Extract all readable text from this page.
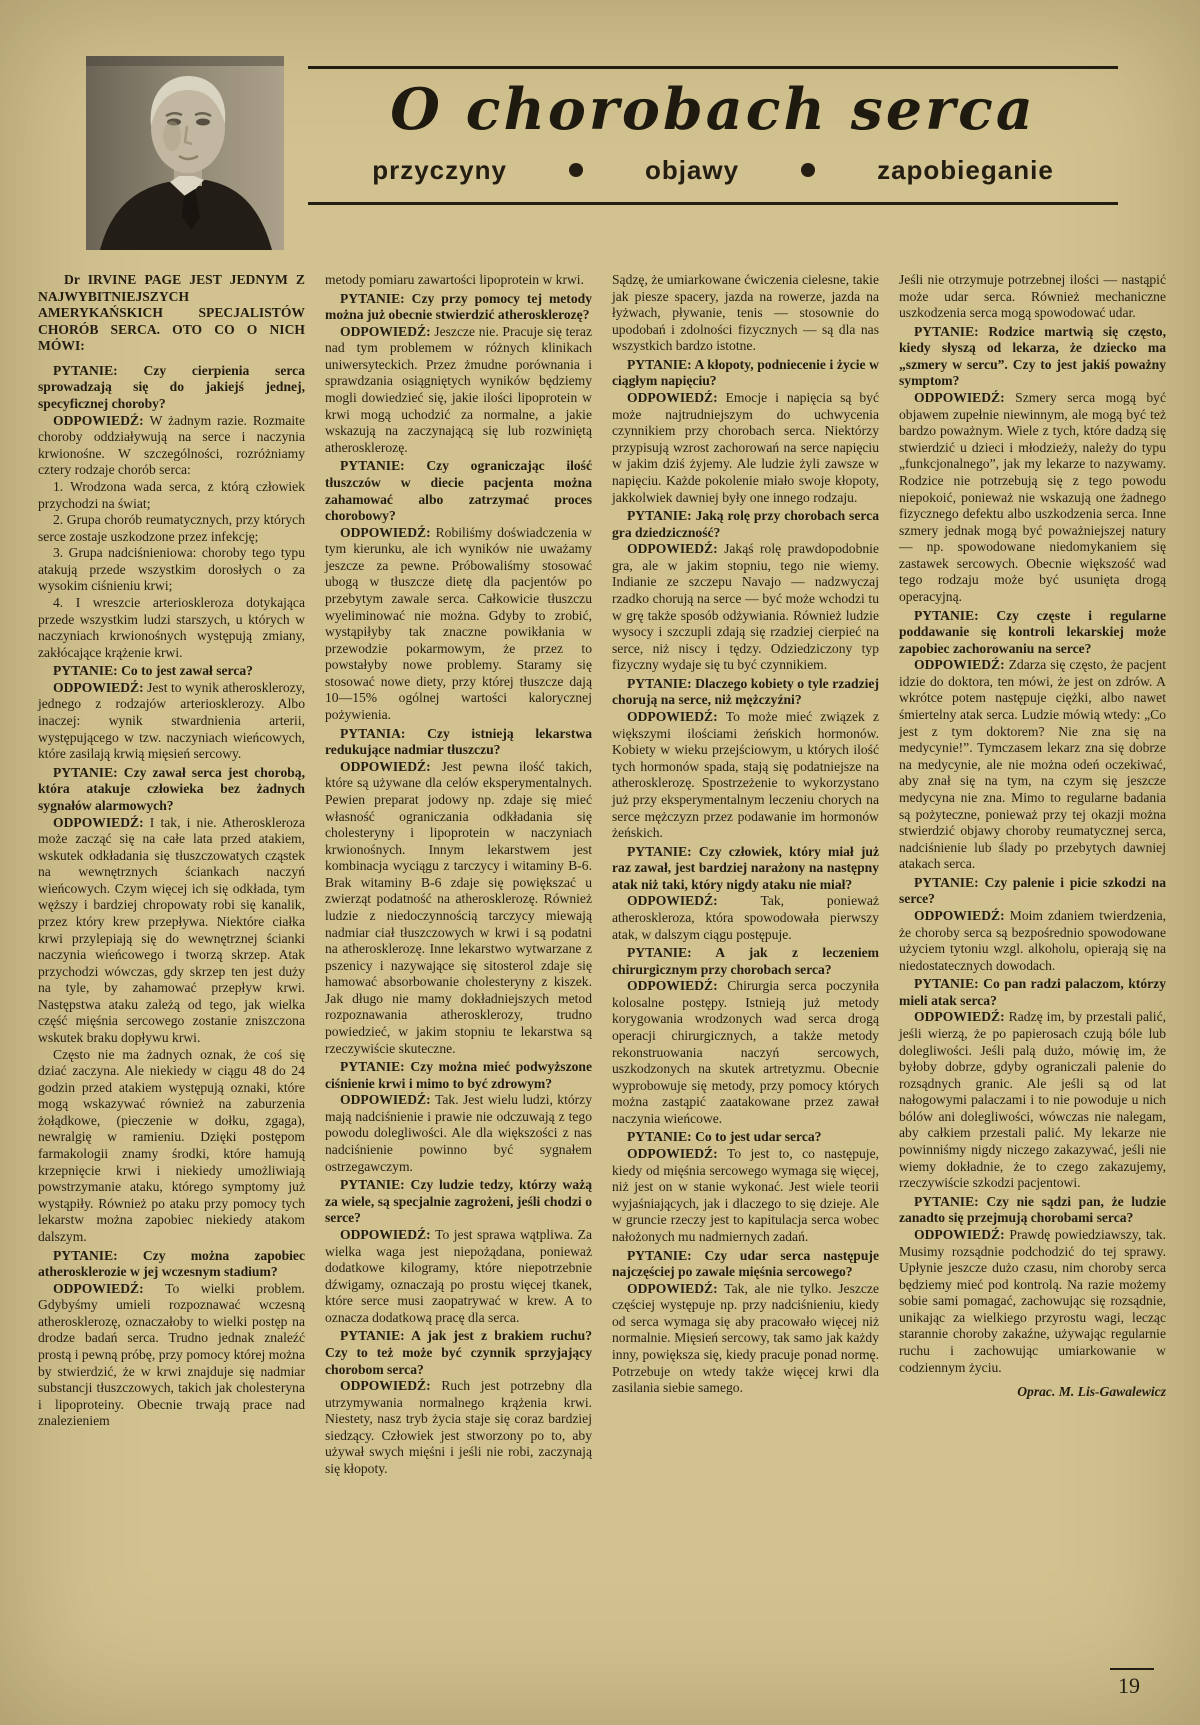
O chorobach serca
przyczyny	objawy	zapobieganie

Dr IRVINE PAGE JEST JEDNYM Z NAJWYBITNIEJSZYCH AMERYKAŃSKICH SPECJALISTÓW CHORÓB SERCA. OTO CO O NICH MÓWI:

PYTANIE: Czy cierpienia serca sprowadzają się do jakiejś jednej, specyficznej choroby?

ODPOWIEDŹ: W żadnym razie. Rozmaite choroby oddziaływują na serce i naczynia krwionośne. W szczególności, rozróżniamy cztery rodzaje chorób serca:

1. Wrodzona wada serca, z którą człowiek przychodzi na świat;

2. Grupa chorób reumatycznych, przy których serce zostaje uszkodzone przez infekcję;

3. Grupa nadciśnieniowa: choroby tego typu atakują przede wszystkim dorosłych o za wysokim ciśnieniu krwi;

4. I wreszcie arterioskleroza dotykająca przede wszystkim ludzi starszych, u których w naczyniach krwionośnych występują zmiany, zakłócające krążenie krwi.

PYTANIE: Co to jest zawał serca?

ODPOWIEDŹ: Jest to wynik atherosklerozy, jednego z rodzajów arteriosklerozy. Albo inaczej: wynik stwardnienia arterii, występującego w tzw. naczyniach wieńcowych, które zasilają krwią mięsień sercowy.

PYTANIE: Czy zawał serca jest chorobą, która atakuje człowieka bez żadnych sygnałów alarmowych?

ODPOWIEDŹ: I tak, i nie. Atheroskleroza może zacząć się na całe lata przed atakiem, wskutek odkładania się tłuszczowatych cząstek na wewnętrznych ściankach naczyń wieńcowych. Czym więcej ich się odkłada, tym węższy i bardziej chropowaty robi się kanalik, przez który krew przepływa. Niektóre ciałka krwi przylepiają się do wewnętrznej ścianki naczynia wieńcowego i tworzą skrzep. Atak przychodzi wówczas, gdy skrzep ten jest duży na tyle, by zahamować przepływ krwi. Następstwa ataku zależą od tego, jak wielka część mięśnia sercowego zostanie zniszczona wskutek braku dopływu krwi.

Często nie ma żadnych oznak, że coś się dziać zaczyna. Ale niekiedy w ciągu 48 do 24 godzin przed atakiem występują oznaki, które mogą wskazywać również na zaburzenia żołądkowe, (pieczenie w dołku, zgaga), newralgię w ramieniu. Dzięki postępom farmakologii znamy środki, które hamują krzepnięcie krwi i niekiedy umożliwiają powstrzymanie ataku, którego symptomy już wystąpiły. Również po ataku przy pomocy tych lekarstw można zapobiec niekiedy atakom dalszym.

PYTANIE: Czy można zapobiec atherosklerozie w jej wczesnym stadium?

ODPOWIEDŹ: To wielki problem. Gdybyśmy umieli rozpoznawać wczesną atherosklerozę, oznaczałoby to wielki postęp na drodze badań serca. Trudno jednak znaleźć prostą i pewną próbę, przy pomocy której można by stwierdzić, że w krwi znajduje się nadmiar substancji tłuszczowych, takich jak cholesteryna i lipoproteiny. Obecnie trwają prace nad znalezieniem

metody pomiaru zawartości lipoprotein w krwi.

PYTANIE: Czy przy pomocy tej metody można już obecnie stwierdzić atherosklerozę?

ODPOWIEDŹ: Jeszcze nie. Pracuje się teraz nad tym problemem w różnych klinikach uniwersyteckich. Przez żmudne porównania i sprawdzania osiągniętych wyników będziemy mogli dowiedzieć się, jakie ilości lipoprotein w krwi mogą uchodzić za normalne, a jakie wskazują na zaczynającą się lub rozwiniętą atherosklerozę.

PYTANIE: Czy ograniczając ilość tłuszczów w diecie pacjenta można zahamować albo zatrzymać proces chorobowy?

ODPOWIEDŹ: Robiliśmy doświadczenia w tym kierunku, ale ich wyników nie uważamy jeszcze za pewne. Próbowaliśmy stosować ubogą w tłuszcze dietę dla pacjentów po przebytym zawale serca. Całkowicie tłuszczu wyeliminować nie można. Gdyby to zrobić, wystąpiłyby tak znaczne powikłania w przewodzie pokarmowym, że przez to powstałyby nowe problemy. Staramy się stosować nowe diety, przy której tłuszcze dają 10—15% ogólnej wartości kalorycznej pożywienia.

PYTANIA: Czy istnieją lekarstwa redukujące nadmiar tłuszczu?

ODPOWIEDŹ: Jest pewna ilość takich, które są używane dla celów eksperymentalnych. Pewien preparat jodowy np. zdaje się mieć własność ograniczania odkładania się cholesteryny i lipoprotein w naczyniach krwionośnych. Innym lekarstwem jest kombinacja wyciągu z tarczycy i witaminy B-6. Brak witaminy B-6 zdaje się powiększać u zwierząt podatność na atherosklerozę. Również ludzie z niedoczynnością tarczycy miewają nadmiar ciał tłuszczowych w krwi i są podatni na atherosklerozę. Inne lekarstwo wytwarzane z pszenicy i nazywające się sitosterol zdaje się hamować absorbowanie cholesteryny z kiszek. Jak długo nie mamy dokładniejszych metod rozpoznawania atherosklerozy, trudno powiedzieć, w jakim stopniu te lekarstwa są rzeczywiście skuteczne.

PYTANIE: Czy można mieć podwyższone ciśnienie krwi i mimo to być zdrowym?

ODPOWIEDŹ: Tak. Jest wielu ludzi, którzy mają nadciśnienie i prawie nie odczuwają z tego powodu dolegliwości. Ale dla większości z nas nadciśnienie powinno być sygnałem ostrzegawczym.

PYTANIE: Czy ludzie tedzy, którzy ważą za wiele, są specjalnie zagrożeni, jeśli chodzi o serce?

ODPOWIEDŹ: To jest sprawa wątpliwa. Za wielka waga jest niepożądana, ponieważ dodatkowe kilogramy, które niepotrzebnie dźwigamy, oznaczają po prostu więcej tkanek, które serce musi zaopatrywać w krew. A to oznacza dodatkową pracę dla serca.

PYTANIE: A jak jest z brakiem ruchu? Czy to też może być czynnik sprzyjający chorobom serca?

ODPOWIEDŹ: Ruch jest potrzebny dla utrzymywania normalnego krążenia krwi. Niestety, nasz tryb życia staje się coraz bardziej siedzący. Człowiek jest stworzony po to, aby używał swych mięśni i jeśli nie robi, zaczynają się kłopoty.

Sądzę, że umiarkowane ćwiczenia cielesne, takie jak piesze spacery, jazda na rowerze, jazda na łyżwach, pływanie, tenis — stosownie do upodobań i zdolności fizycznych — są dla nas wszystkich bardzo istotne.

PYTANIE: A kłopoty, podniecenie i życie w ciągłym napięciu?

ODPOWIEDŹ: Emocje i napięcia są być może najtrudniejszym do uchwycenia czynnikiem przy chorobach serca. Niektórzy przypisują wzrost zachorowań na serce napięciu w jakim dziś żyjemy. Ale ludzie żyli zawsze w napięciu. Każde pokolenie miało swoje kłopoty, jakkolwiek dawniej były one innego rodzaju.

PYTANIE: Jaką rolę przy chorobach serca gra dziedziczność?

ODPOWIEDŹ: Jakąś rolę prawdopodobnie gra, ale w jakim stopniu, tego nie wiemy. Indianie ze szczepu Navajo — nadzwyczaj rzadko chorują na serce — być może wchodzi tu w grę także sposób odżywiania. Również ludzie wysocy i szczupli zdają się rzadziej cierpieć na serce, niż niscy i tędzy. Odziedziczony typ fizyczny wydaje się tu być czynnikiem.

PYTANIE: Dlaczego kobiety o tyle rzadziej chorują na serce, niż mężczyźni?

ODPOWIEDŹ: To może mieć związek z większymi ilościami żeńskich hormonów. Kobiety w wieku przejściowym, u których ilość tych hormonów spada, stają się podatniejsze na atherosklerozę. Spostrzeżenie to wykorzystano już przy eksperymentalnym leczeniu chorych na serce mężczyzn przez podawanie im hormonów żeńskich.

PYTANIE: Czy człowiek, który miał już raz zawał, jest bardziej narażony na następny atak niż taki, który nigdy ataku nie miał?

ODPOWIEDŹ: Tak, ponieważ atheroskleroza, która spowodowała pierwszy atak, w dalszym ciągu postępuje.

PYTANIE: A jak z leczeniem chirurgicznym przy chorobach serca?

ODPOWIEDŹ: Chirurgia serca poczyniła kolosalne postępy. Istnieją już metody korygowania wrodzonych wad serca drogą operacji chirurgicznych, a także metody rekonstruowania naczyń sercowych, uszkodzonych na skutek artretyzmu. Obecnie wyprobowuje się metody, przy pomocy których można zastąpić zaatakowane przez zawał naczynia wieńcowe.

PYTANIE: Co to jest udar serca?

ODPOWIEDŹ: To jest to, co następuje, kiedy od mięśnia sercowego wymaga się więcej, niż jest on w stanie wykonać. Jest wiele teorii wyjaśniających, jak i dlaczego to się dzieje. Ale w gruncie rzeczy jest to kapitulacja serca wobec nałożonych mu nadmiernych zadań.

PYTANIE: Czy udar serca następuje najczęściej po zawale mięśnia sercowego?

ODPOWIEDŹ: Tak, ale nie tylko. Jeszcze częściej występuje np. przy nadciśnieniu, kiedy od serca wymaga się aby pracowało więcej niż normalnie. Mięsień sercowy, tak samo jak każdy inny, powiększa się, kiedy pracuje ponad normę. Potrzebuje on wtedy także więcej krwi dla zasilania siebie samego.

Jeśli nie otrzymuje potrzebnej ilości — nastąpić może udar serca. Również mechaniczne uszkodzenia serca mogą spowodować udar.

PYTANIE: Rodzice martwią się często, kiedy słyszą od lekarza, że dziecko ma „szmery w sercu”. Czy to jest jakiś poważny symptom?

ODPOWIEDŹ: Szmery serca mogą być objawem zupełnie niewinnym, ale mogą być też bardzo poważnym. Wiele z tych, które dadzą się stwierdzić u dzieci i młodzieży, należy do typu „funkcjonalnego”, jak my lekarze to nazywamy. Rodzice nie potrzebują się z tego powodu niepokoić, ponieważ nie wskazują one żadnego fizycznego defektu albo uszkodzenia serca. Inne szmery jednak mogą być poważniejszej natury — np. spowodowane niedomykaniem się zastawek sercowych. Obecnie większość wad tego rodzaju może być usunięta drogą operacyjną.

PYTANIE: Czy częste i regularne poddawanie się kontroli lekarskiej może zapobiec zachorowaniu na serce?

ODPOWIEDŹ: Zdarza się często, że pacjent idzie do doktora, ten mówi, że jest on zdrów. A wkrótce potem następuje ciężki, albo nawet śmiertelny atak serca. Ludzie mówią wtedy: „Co jest z tym doktorem? Nie zna się na medycynie!”. Tymczasem lekarz zna się dobrze na medycynie, ale nie można odeń oczekiwać, aby znał się na tym, na czym się jeszcze medycyna nie zna. Mimo to regularne badania są pożyteczne, ponieważ przy tej okazji można stwierdzić objawy choroby reumatycznej serca, nadciśnienie lub ślady po przebytych dawniej atakach serca.

PYTANIE: Czy palenie i picie szkodzi na serce?

ODPOWIEDŹ: Moim zdaniem twierdzenia, że choroby serca są bezpośrednio spowodowane użyciem tytoniu wzgl. alkoholu, opierają się na niedostatecznych dowodach.

PYTANIE: Co pan radzi palaczom, którzy mieli atak serca?

ODPOWIEDŹ: Radzę im, by przestali palić, jeśli wierzą, że po papierosach czują bóle lub dolegliwości. Jeśli palą dużo, mówię im, że byłoby dobrze, gdyby ograniczali palenie do rozsądnych granic. Ale jeśli są od lat nałogowymi palaczami i to nie powoduje u nich bólów ani dolegliwości, wówczas nie nalegam, aby całkiem przestali palić. My lekarze nie powinniśmy nigdy niczego zakazywać, jeśli nie wiemy dokładnie, że to czego zakazujemy, rzeczywiście szkodzi pacjentowi.

PYTANIE: Czy nie sądzi pan, że ludzie zanadto się przejmują chorobami serca?

ODPOWIEDŹ: Prawdę powiedziawszy, tak. Musimy rozsądnie podchodzić do tej sprawy. Upłynie jeszcze dużo czasu, nim choroby serca będziemy mieć pod kontrolą. Na razie możemy sobie sami pomagać, zachowując się rozsądnie, unikając za wielkiego przyrostu wagi, lecząc starannie choroby zakaźne, używając regularnie ruchu i zachowując umiarkowanie w codziennym życiu.

Oprac. M. Lis-Gawalewicz

19
